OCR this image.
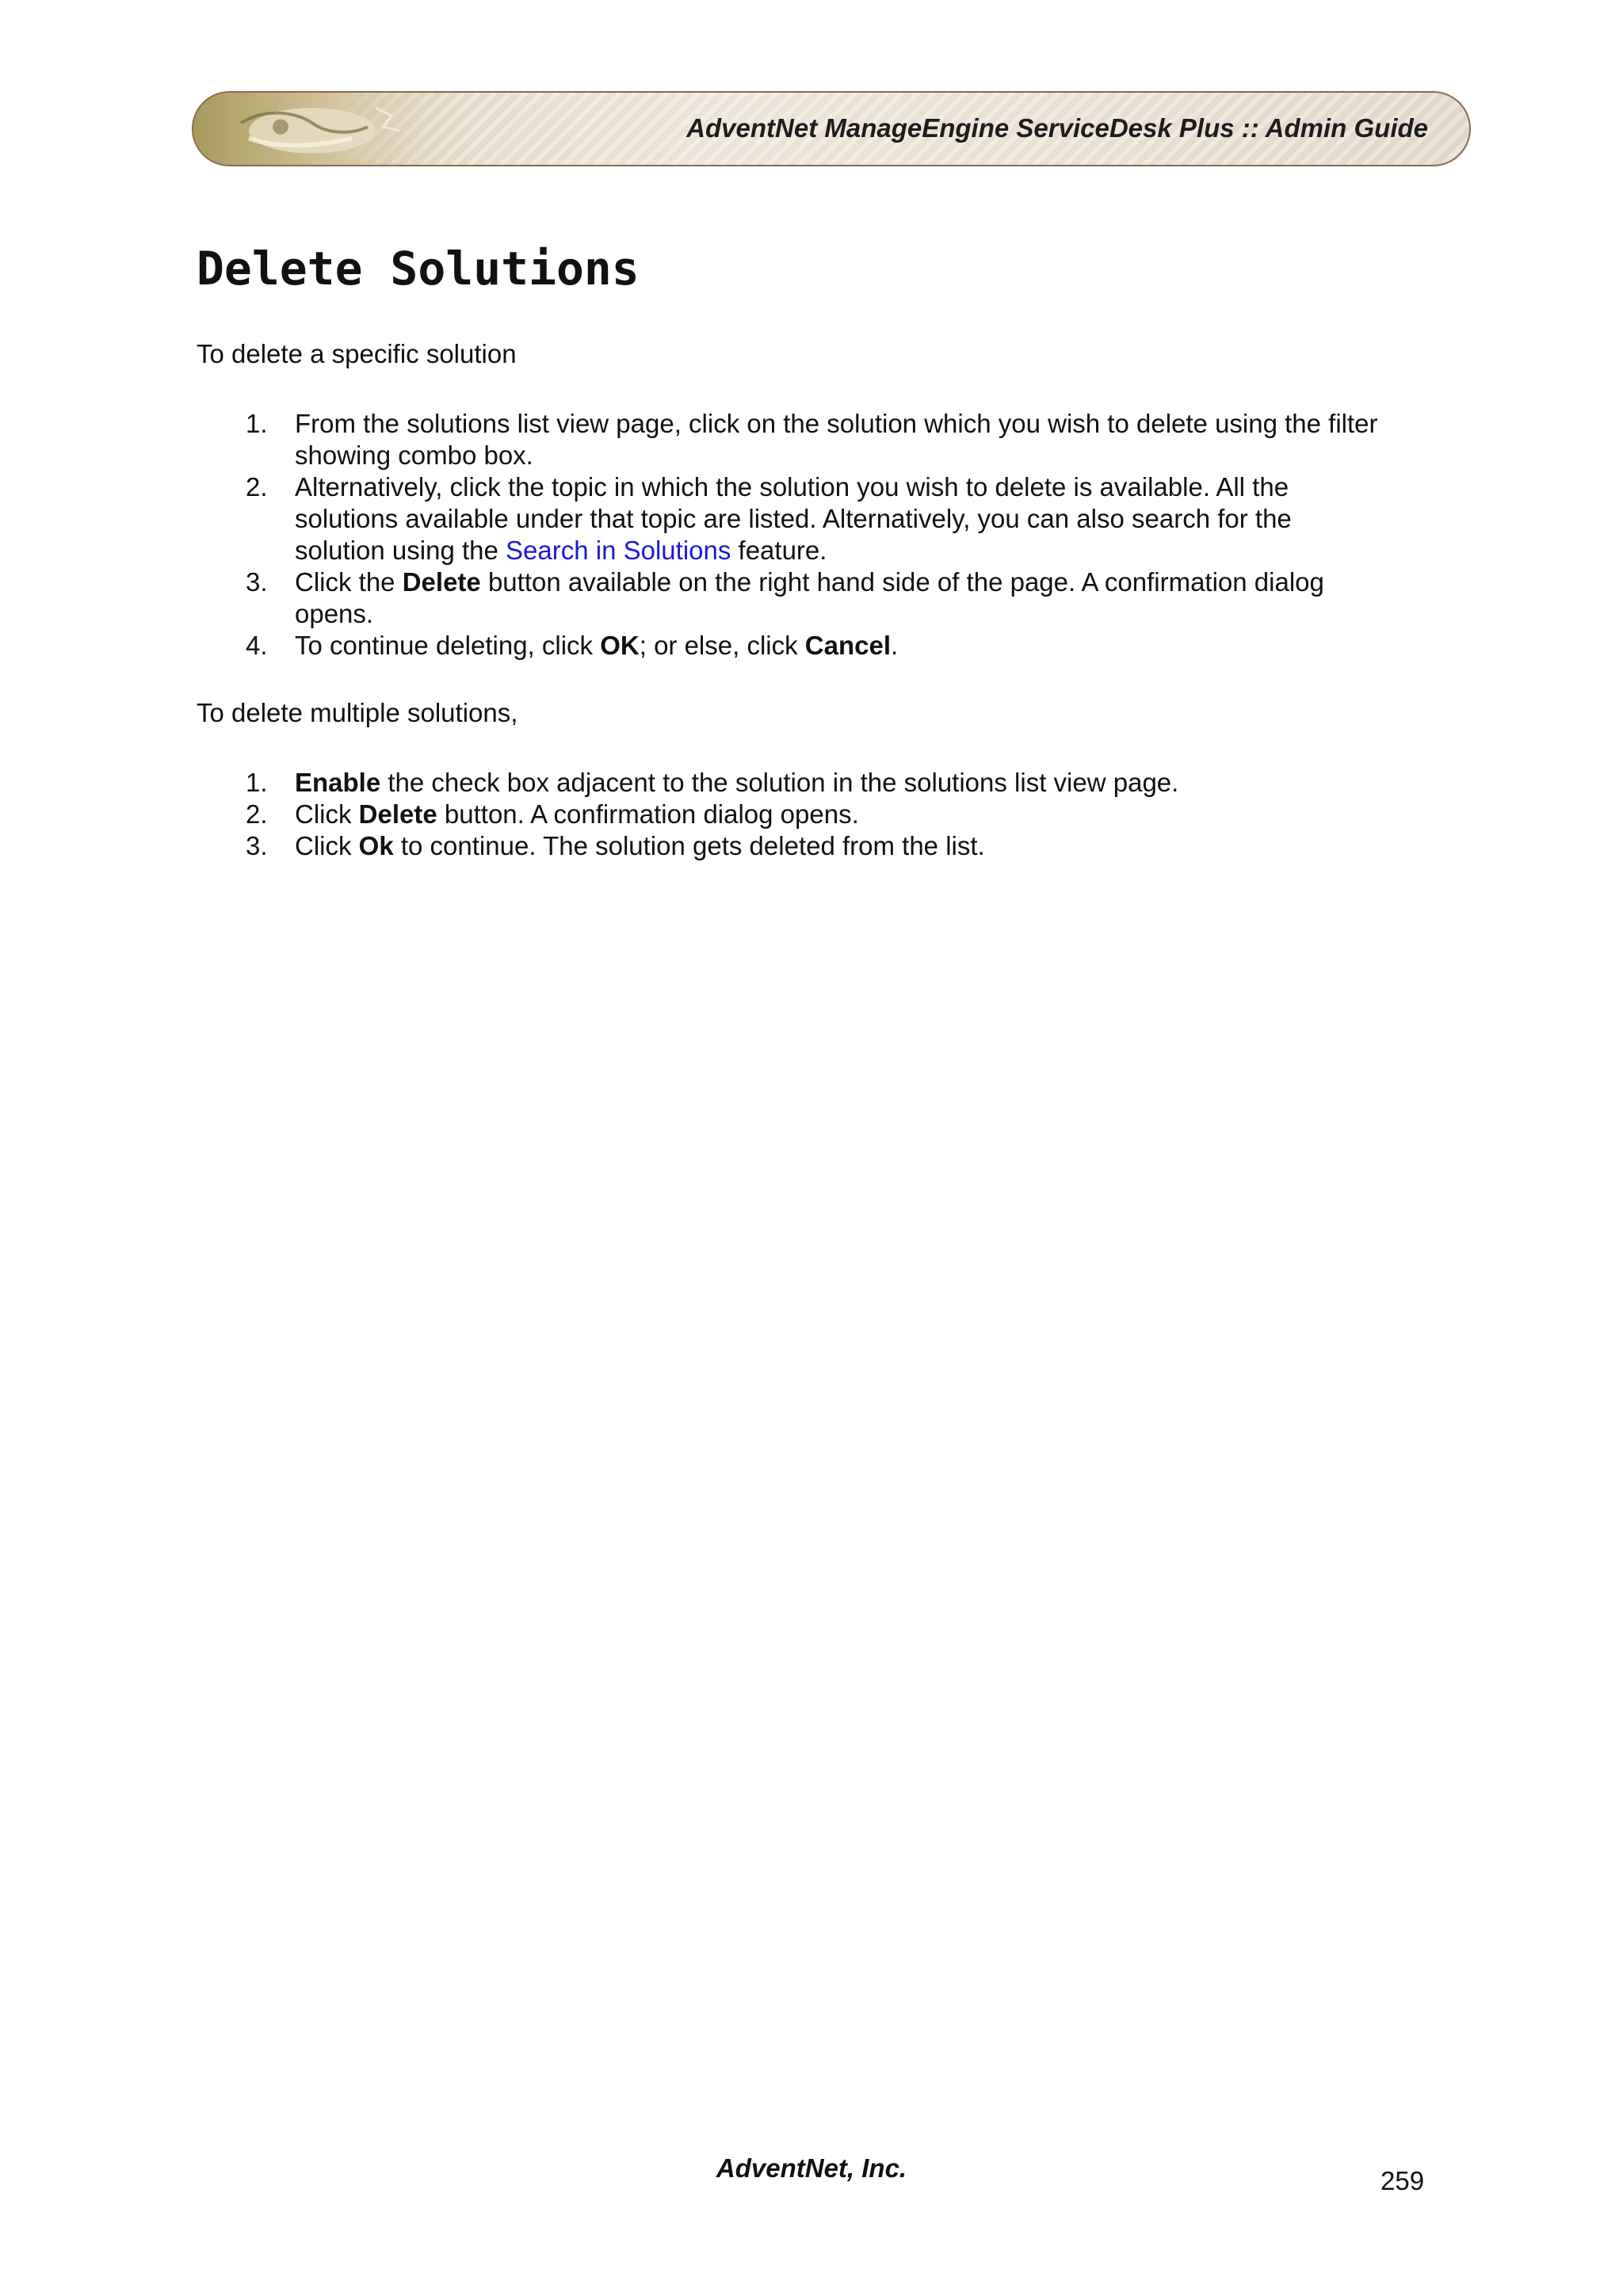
AdventNet ManageEngine ServiceDesk Plus :: Admin Guide
Delete Solutions

To delete a specific solution

1. From the solutions list view page, click on the solution which you wish to delete using the filter
showing combo box.
2. Alternatively, click the topic in which the solution you wish to delete is available. All the
solutions available under that topic are listed. Alternatively, you can also search for the
solution using the Search in Solutions feature.
3. Click the Delete button available on the right hand side of the page. A confirmation dialog
opens.
4. To continue deleting, click OK; or else, click Cancel.

To delete multiple solutions,

1. Enable the check box adjacent to the solution in the solutions list view page.
2. Click Delete button. A confirmation dialog opens.
3. Click Ok to continue. The solution gets deleted from the list.
AdventNet, Inc.	259
